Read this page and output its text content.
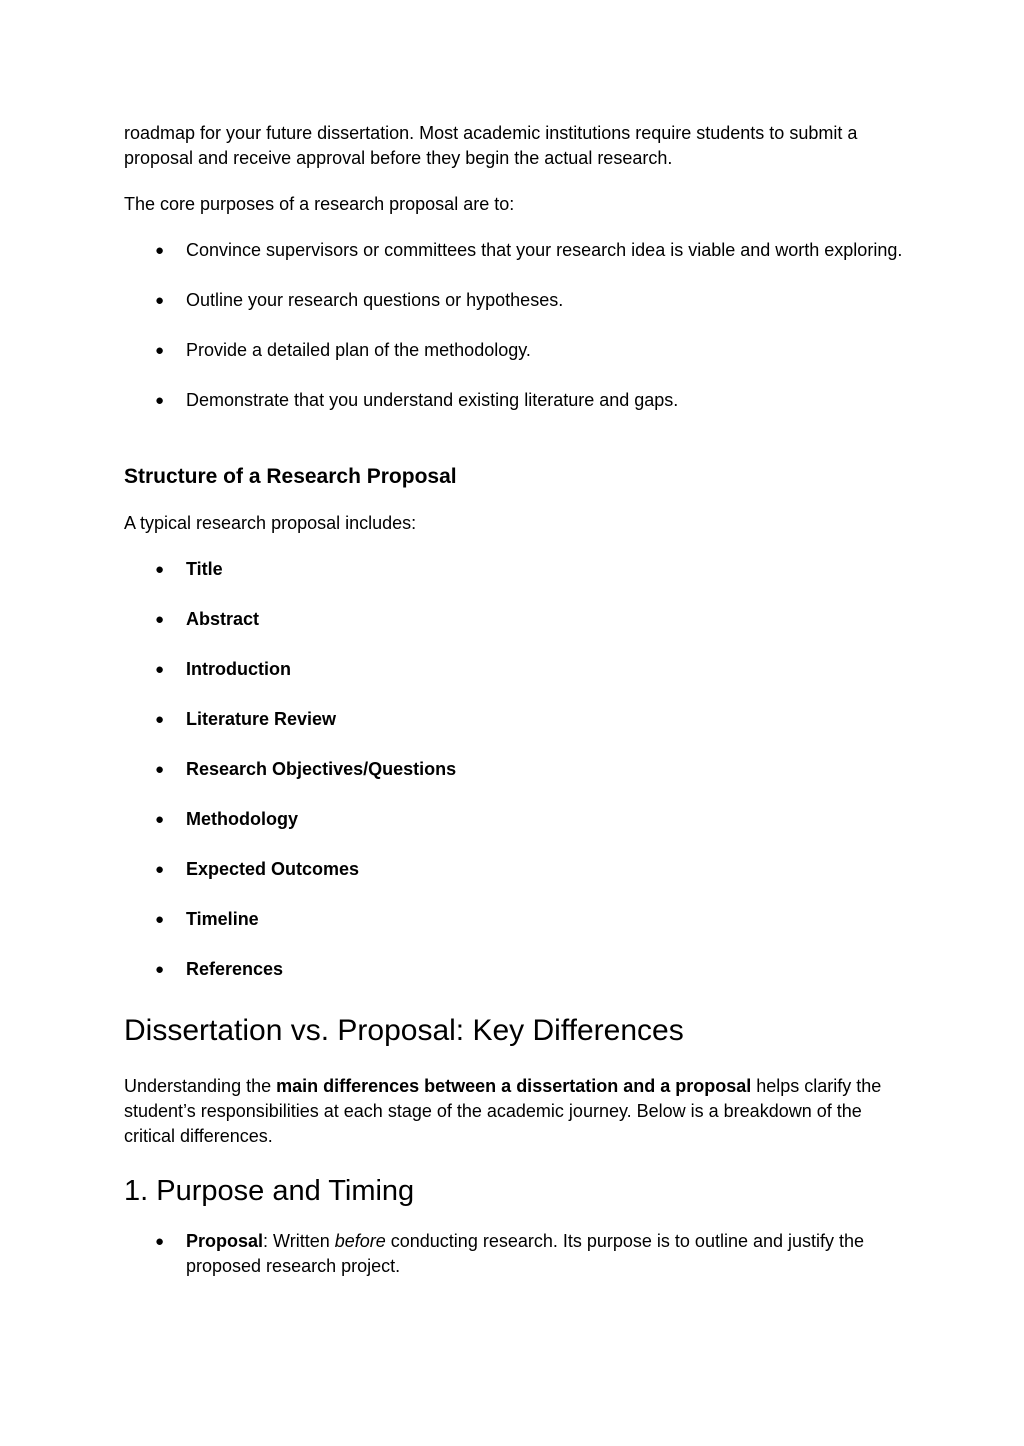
roadmap for your future dissertation. Most academic institutions require students to submit a proposal and receive approval before they begin the actual research.

The core purposes of a research proposal are to:

● Convince supervisors or committees that your research idea is viable and worth exploring.
● Outline your research questions or hypotheses.
● Provide a detailed plan of the methodology.
● Demonstrate that you understand existing literature and gaps.
Structure of a Research Proposal

A typical research proposal includes:

● Title
● Abstract
● Introduction
● Literature Review
● Research Objectives/Questions
● Methodology
● Expected Outcomes
● Timeline
● References
Dissertation vs. Proposal: Key Differences

Understanding the main differences between a dissertation and a proposal helps clarify the student’s responsibilities at each stage of the academic journey. Below is a breakdown of the critical differences.

1. Purpose and Timing
● Proposal: Written before conducting research. Its purpose is to outline and justify the proposed research project.
